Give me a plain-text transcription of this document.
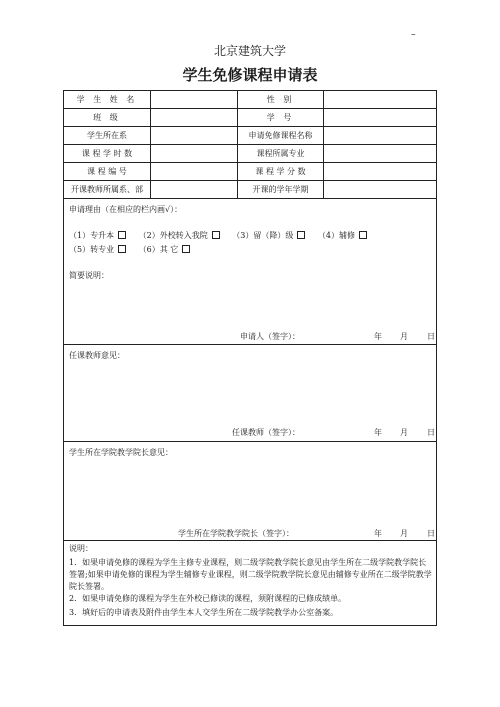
–
北京建筑大学
学生免修课程申请表
学 生 姓 名	性 别
班 级	学 号
学生所在系	申请免修课程名称
课 程 学 时 数	课程所属专业
课 程 编 号	课 程 学 分 数
开课教师所属系、部	开课的学年学期
申请理由（在相应的栏内画√）：
（1）专升本	（2）外校转入我院	（3）留（降）级	（4）辅修
（5）转专业	（6）其 它
简要说明：
申请人（签字）：	年 月 日
任课教师意见：
任课教师（签字）：	年 月 日
学生所在学院教学院长意见：
学生所在学院教学院长（签字）：	年 月 日
说明：
1．如果申请免修的课程为学生主修专业课程，则二级学院教学院长意见由学生所在二级学院教学院长签署;如果申请免修的课程为学生辅修专业课程，则二级学院教学院长意见由辅修专业所在二级学院教学院长签署。
2．如果申请免修的课程为学生在外校已修读的课程，须附课程的已修成绩单。
3．填好后的申请表及附件由学生本人交学生所在二级学院教学办公室备案。
